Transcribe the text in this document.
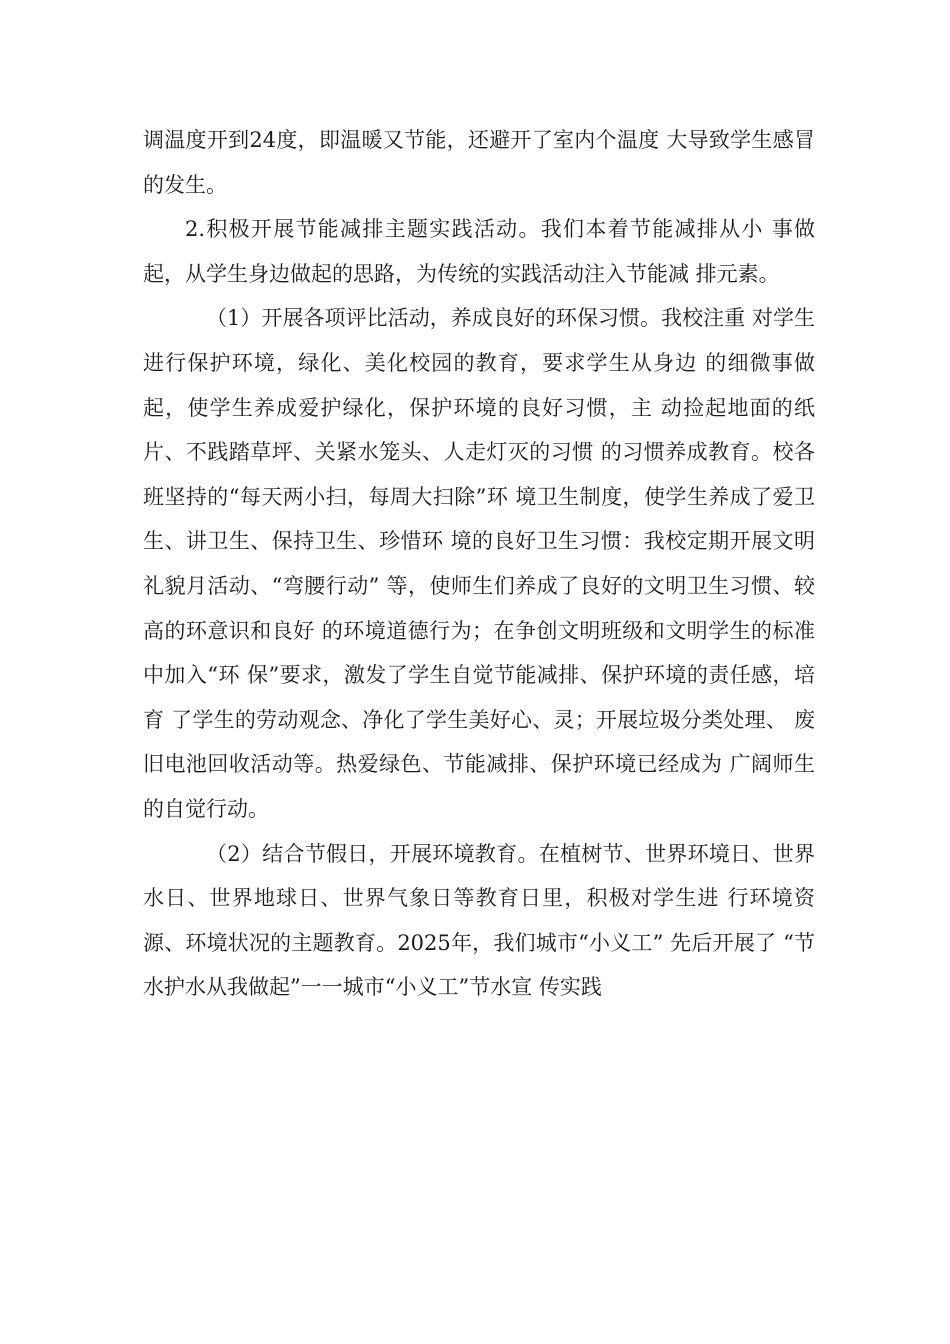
调温度开到24度，即温暖又节能，还避开了室内个温度 大导致学生感冒的发生。

2.积极开展节能减排主题实践活动。我们本着节能减排从小 事做起，从学生身边做起的思路，为传统的实践活动注入节能减 排元素。

（1）开展各项评比活动，养成良好的环保习惯。我校注重 对学生进行保护环境，绿化、美化校园的教育，要求学生从身边 的细微事做起，使学生养成爱护绿化，保护环境的良好习惯，主 动捡起地面的纸片、不践踏草坪、关紧水笼头、人走灯灭的习惯 的习惯养成教育。校各班坚持的“每天两小扫，每周大扫除”环 境卫生制度，使学生养成了爱卫生、讲卫生、保持卫生、珍惜环 境的良好卫生习惯：我校定期开展文明礼貌月活动、“弯腰行动” 等，使师生们养成了良好的文明卫生习惯、较高的环意识和良好 的环境道德行为；在争创文明班级和文明学生的标准中加入“环 保”要求，激发了学生自觉节能减排、保护环境的责任感，培育 了学生的劳动观念、净化了学生美好心、灵；开展垃圾分类处理、 废旧电池回收活动等。热爱绿色、节能减排、保护环境已经成为 广阔师生的自觉行动。

（2）结合节假日，开展环境教育。在植树节、世界环境日、世界水日、世界地球日、世界气象日等教育日里，积极对学生进 行环境资源、环境状况的主题教育。2025年，我们城市“小义工” 先后开展了 “节水护水从我做起”一一城市“小义工”节水宣 传实践
